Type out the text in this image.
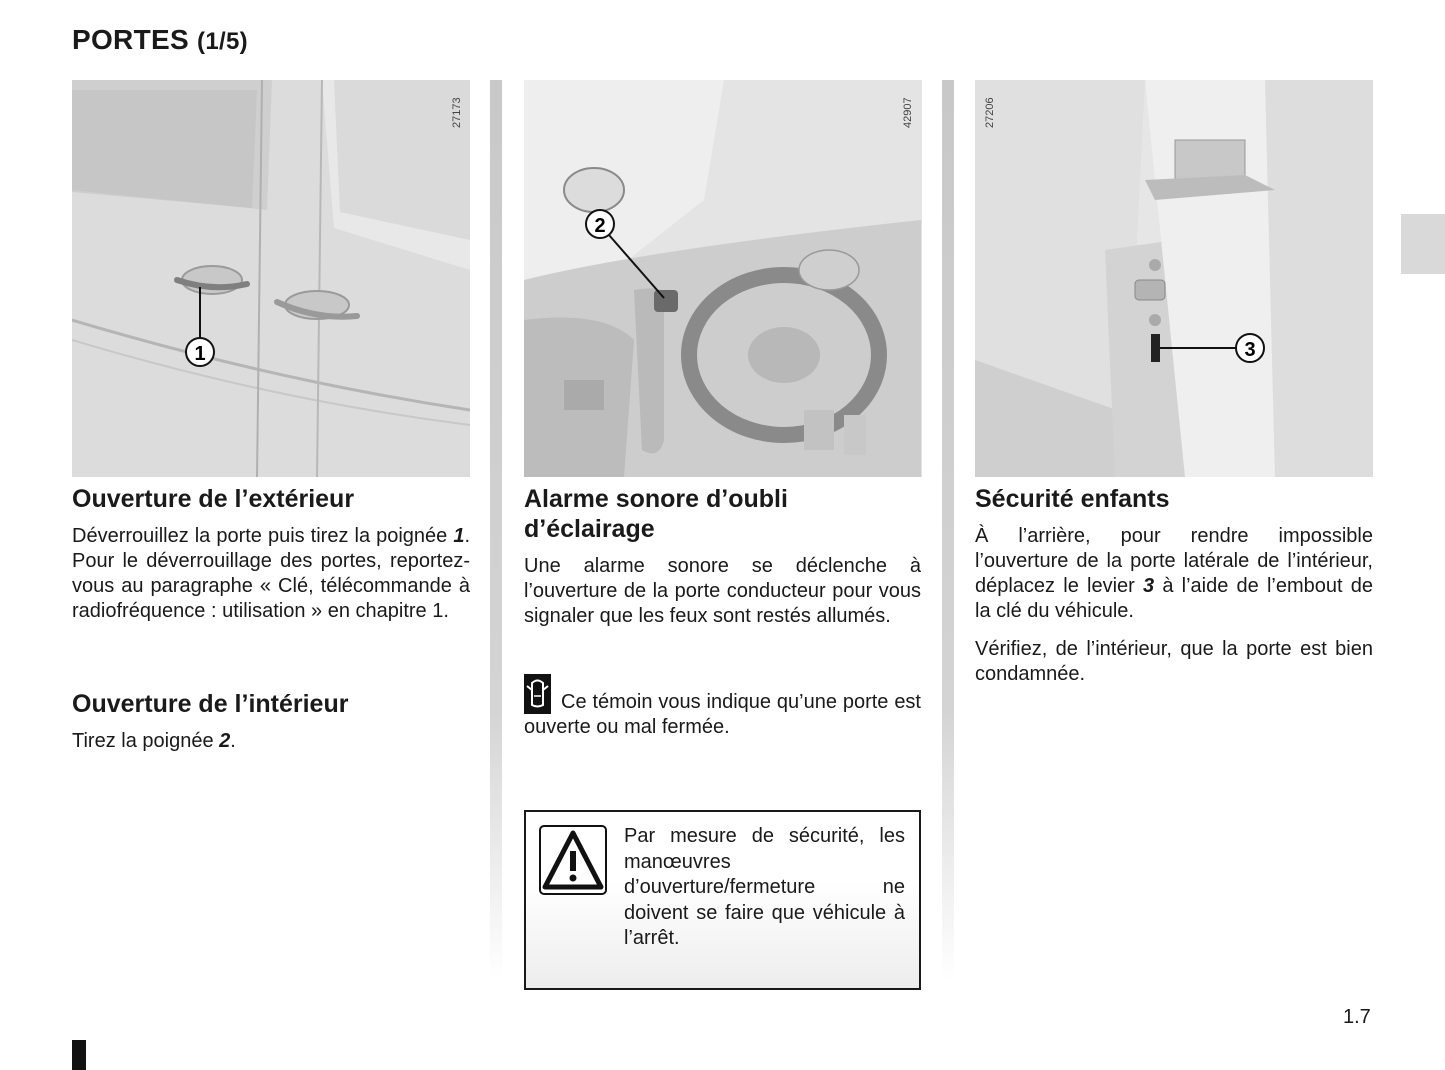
PORTES (1/5)
1
27173
2
42907
3
27206
Ouverture de l’extérieur
Déverrouillez la porte puis tirez la poignée 1. Pour le déverrouillage des portes, reportez-vous au paragraphe « Clé, télécommande à radiofréquence : utilisation » en chapitre 1.
Ouverture de l’intérieur
Tirez la poignée 2.
Alarme sonore d’oubli d’éclairage
Une alarme sonore se déclenche à l’ouverture de la porte conducteur pour vous signaler que les feux sont restés allumés.
Ce témoin vous indique qu’une porte est ouverte ou mal fermée.
Par mesure de sécurité, les manœuvres d’ouverture/fermeture ne doivent se faire que véhicule à l’arrêt.
Sécurité enfants
À l’arrière, pour rendre impossible l’ouverture de la porte latérale de l’intérieur, déplacez le levier 3 à l’aide de l’embout de la clé du véhicule.
Vérifiez, de l’intérieur, que la porte est bien condamnée.
1.7
